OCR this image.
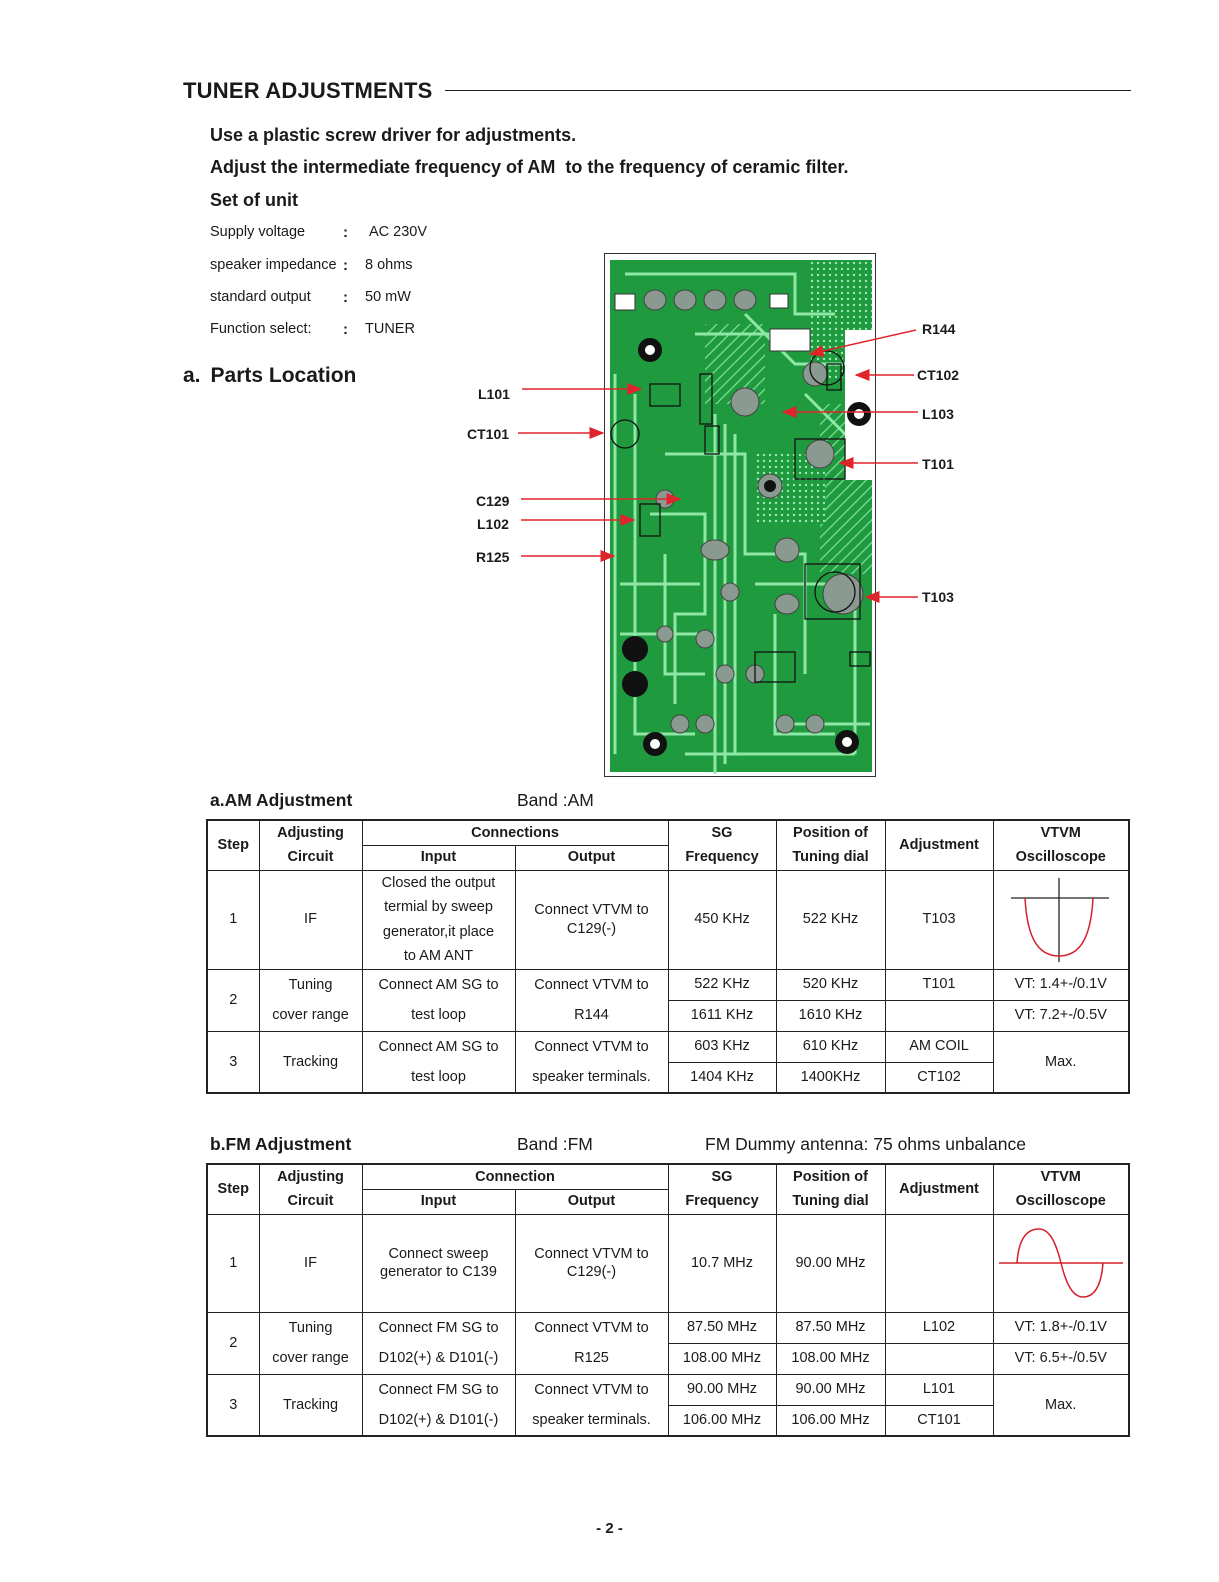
TUNER ADJUSTMENTS
Use a plastic screw driver for adjustments.
Adjust the intermediate frequency of AM  to the frequency of ceramic filter.
Set of unit
Supply voltage	: AC 230V
speaker impedance : 8 ohms
standard output : 50 mW
Function select: : TUNER
a. Parts Location
L101
CT101
C129
L102
R125
R144
CT102
L103
T101
T103
a.AM Adjustment	Band :AM
Step	Adjusting	Connections		SG	Position of	Adjustment	VTVM
	Circuit	Input	Output	Frequency	Tuning dial		Oscilloscope
1	IF	Closed the output
termial by sweep
generator,it place
to AM ANT	Connect VTVM to C129(-)	450 KHz	522 KHz	T103	

2	Tuning	Connect AM SG to	Connect VTVM to	522 KHz	520 KHz	T101	VT: 1.4+-/0.1V
	cover range	test loop	R144	1611 KHz	1610 KHz		VT: 7.2+-/0.5V
3	Tracking	Connect AM SG to	Connect VTVM to	603 KHz	610 KHz	AM COIL	Max.
		test loop	speaker terminals.	1404 KHz	1400KHz	CT102	
b.FM Adjustment	Band :FM	FM Dummy antenna: 75 ohms unbalance
Step	Adjusting	Connection		SG	Position of	Adjustment	VTVM
	Circuit	Input	Output	Frequency	Tuning dial		Oscilloscope
1	IF	Connect sweep generator to C139	Connect VTVM to C129(-)	10.7 MHz	90.00 MHz		

2	Tuning	Connect FM SG to	Connect VTVM to	87.50 MHz	87.50 MHz	L102	VT: 1.8+-/0.1V
	cover range	D102(+) & D101(-)	R125	108.00 MHz	108.00 MHz		VT: 6.5+-/0.5V
3	Tracking	Connect FM SG to	Connect VTVM to	90.00 MHz	90.00 MHz	L101	Max.
		D102(+) & D101(-)	speaker terminals.	106.00 MHz	106.00 MHz	CT101	
- 2 -
